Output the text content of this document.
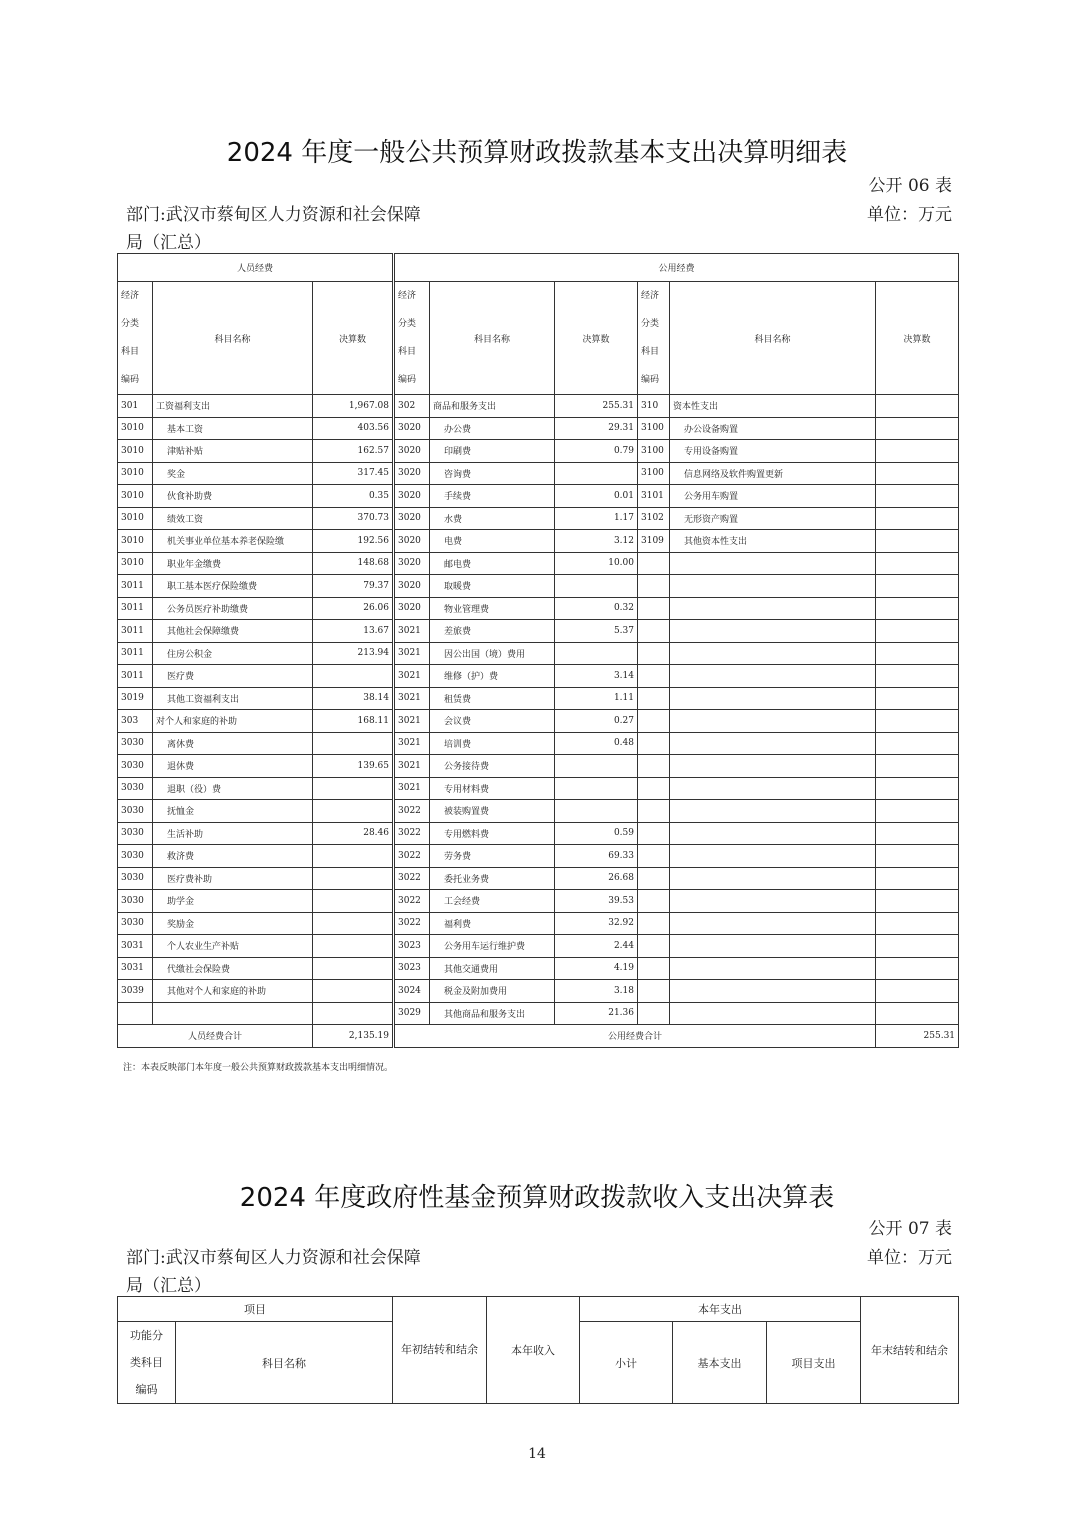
2024 年度一般公共预算财政拨款基本支出决算明细表
公开 06 表
部门:武汉市蔡甸区人力资源和社会保障
局（汇总）
单位：万元
人员经费			公用经费					
经济
分类
科目
编码	科目名称	决算数	经济
分类
科目
编码	科目名称	决算数	经济
分类
科目
编码	科目名称	决算数
301	工资福利支出	1,967.08	302	商品和服务支出	255.31	310	资本性支出	
3010	基本工资	403.56	3020	办公费	29.31	3100	办公设备购置	
3010	津贴补贴	162.57	3020	印刷费	0.79	3100	专用设备购置	
3010	奖金	317.45	3020	咨询费		3100	信息网络及软件购置更新	
3010	伙食补助费	0.35	3020	手续费	0.01	3101	公务用车购置	
3010	绩效工资	370.73	3020	水费	1.17	3102	无形资产购置	
3010	机关事业单位基本养老保险缴	192.56	3020	电费	3.12	3109	其他资本性支出	
3010	职业年金缴费	148.68	3020	邮电费	10.00			
3011	职工基本医疗保险缴费	79.37	3020	取暖费				
3011	公务员医疗补助缴费	26.06	3020	物业管理费	0.32			
3011	其他社会保障缴费	13.67	3021	差旅费	5.37			
3011	住房公积金	213.94	3021	因公出国（境）费用				
3011	医疗费		3021	维修（护）费	3.14			
3019	其他工资福利支出	38.14	3021	租赁费	1.11			
303	对个人和家庭的补助	168.11	3021	会议费	0.27			
3030	离休费		3021	培训费	0.48			
3030	退休费	139.65	3021	公务接待费				
3030	退职（役）费		3021	专用材料费				
3030	抚恤金		3022	被装购置费				
3030	生活补助	28.46	3022	专用燃料费	0.59			
3030	救济费		3022	劳务费	69.33			
3030	医疗费补助		3022	委托业务费	26.68			
3030	助学金		3022	工会经费	39.53			
3030	奖励金		3022	福利费	32.92			
3031	个人农业生产补贴		3023	公务用车运行维护费	2.44			
3031	代缴社会保险费		3023	其他交通费用	4.19			
3039	其他对个人和家庭的补助		3024	税金及附加费用	3.18			
			3029	其他商品和服务支出	21.36			
人员经费合计		2,135.19	公用经费合计					255.31
注：本表反映部门本年度一般公共预算财政拨款基本支出明细情况。
2024 年度政府性基金预算财政拨款收入支出决算表
公开 07 表
部门:武汉市蔡甸区人力资源和社会保障
局（汇总）
单位：万元
项目		年初结转和结余	本年收入	本年支出			年末结转和结余
功能分
类科目
编码	科目名称			小计	基本支出	项目支出	
14
